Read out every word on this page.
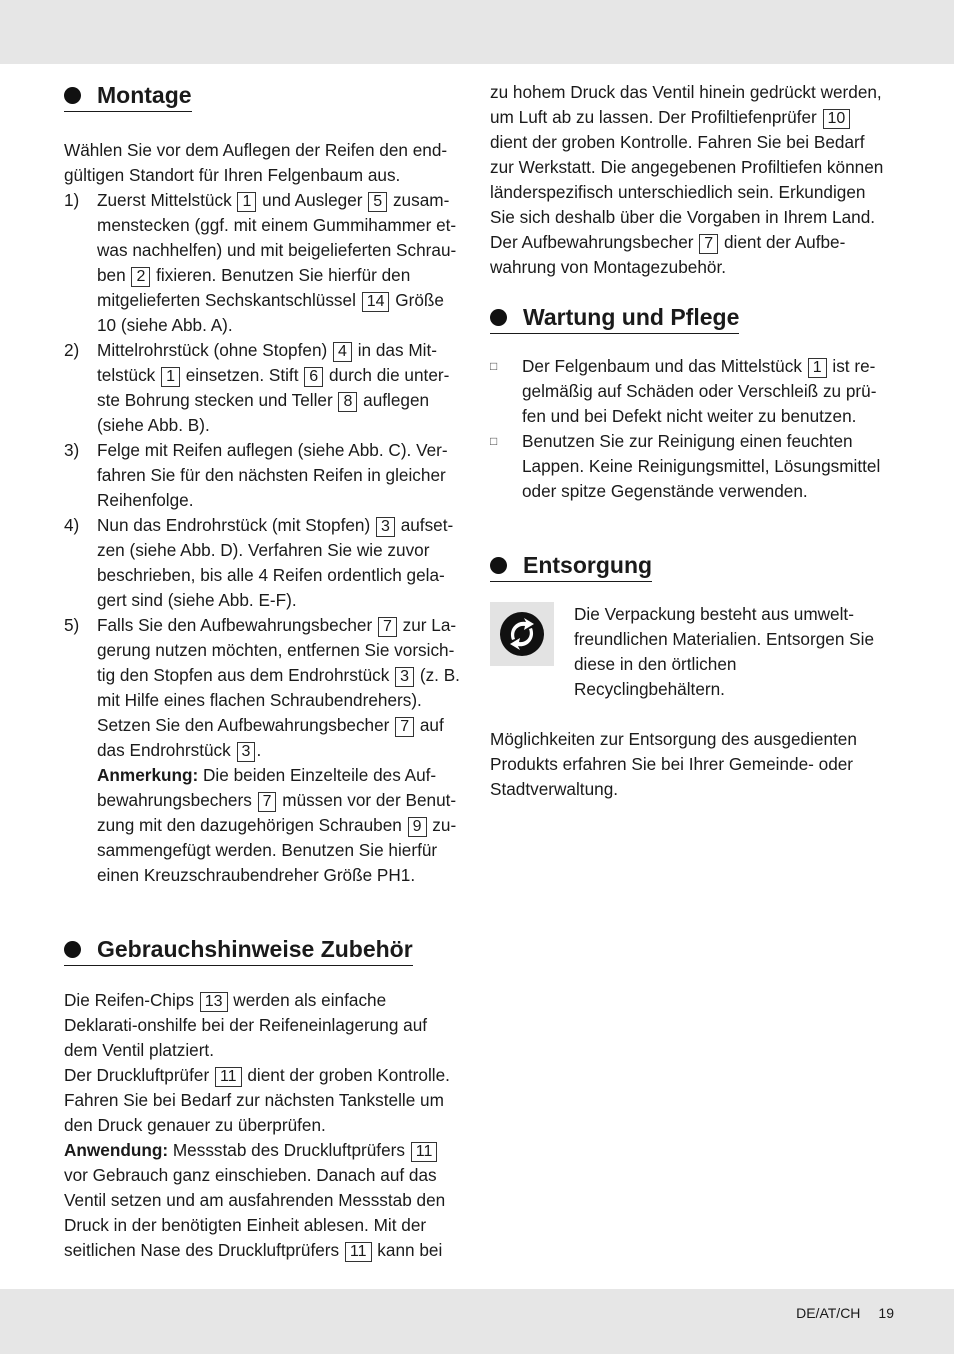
Montage

Wählen Sie vor dem Auflegen der Reifen den end-gültigen Standort für Ihren Felgenbaum aus.

1)	Zuerst Mittelstück 1 und Ausleger 5 zusam-menstecken (ggf. mit einem Gummihammer et-was nachhelfen) und mit beigelieferten Schrau-ben 2 fixieren. Benutzen Sie hierfür den mitgelieferten Sechskantschlüssel 14 Größe 10 (siehe Abb. A).
2)	Mittelrohrstück (ohne Stopfen) 4 in das Mit-telstück 1 einsetzen. Stift 6 durch die unter-ste Bohrung stecken und Teller 8 auflegen (siehe Abb. B).
3)	Felge mit Reifen auflegen (siehe Abb. C). Ver-fahren Sie für den nächsten Reifen in gleicher Reihenfolge.
4)	Nun das Endrohrstück (mit Stopfen) 3 aufset-zen (siehe Abb. D). Verfahren Sie wie zuvor beschrieben, bis alle 4 Reifen ordentlich gela-gert sind (siehe Abb. E-F).
5)	Falls Sie den Aufbewahrungsbecher 7 zur La-gerung nutzen möchten, entfernen Sie vorsich-tig den Stopfen aus dem Endrohrstück 3 (z. B. mit Hilfe eines flachen Schraubendrehers). Setzen Sie den Aufbewahrungsbecher 7 auf das Endrohrstück 3 .
Anmerkung: Die beiden Einzelteile des Auf-bewahrungsbechers 7 müssen vor der Benut-zung mit den dazugehörigen Schrauben 9 zu-sammengefügt werden. Benutzen Sie hierfür einen Kreuzschraubendreher Größe PH1.
Gebrauchshinweise Zubehör

Die Reifen-Chips 13 werden als einfache Deklarati-onshilfe bei der Reifeneinlagerung auf dem Ventil platziert.

Der Druckluftprüfer 11 dient der groben Kontrolle. Fahren Sie bei Bedarf zur nächsten Tankstelle um den Druck genauer zu überprüfen.

Anwendung: Messstab des Druckluftprüfers 11 vor Gebrauch ganz einschieben. Danach auf das Ventil setzen und am ausfahrenden Messstab den Druck in der benötigten Einheit ablesen. Mit der seitlichen Nase des Druckluftprüfers 11 kann bei

zu hohem Druck das Ventil hinein gedrückt werden, um Luft ab zu lassen. Der Profiltiefenprüfer 10 dient der groben Kontrolle. Fahren Sie bei Bedarf zur Werkstatt. Die angegebenen Profiltiefen können länderspezifisch unterschiedlich sein. Erkundigen Sie sich deshalb über die Vorgaben in Ihrem Land. Der Aufbewahrungsbecher 7 dient der Aufbe-wahrung von Montagezubehör.

Wartung und Pflege
□	Der Felgenbaum und das Mittelstück 1 ist re-gelmäßig auf Schäden oder Verschleiß zu prü-fen und bei Defekt nicht weiter zu benutzen.
□	Benutzen Sie zur Reinigung einen feuchten Lappen. Keine Reinigungsmittel, Lösungsmittel oder spitze Gegenstände verwenden.
Entsorgung

Die Verpackung besteht aus umwelt-freundlichen Materialien. Entsorgen Sie diese in den örtlichen Recyclingbehältern.

Möglichkeiten zur Entsorgung des ausgedienten Produkts erfahren Sie bei Ihrer Gemeinde- oder Stadtverwaltung.

DE/AT/CH 19
